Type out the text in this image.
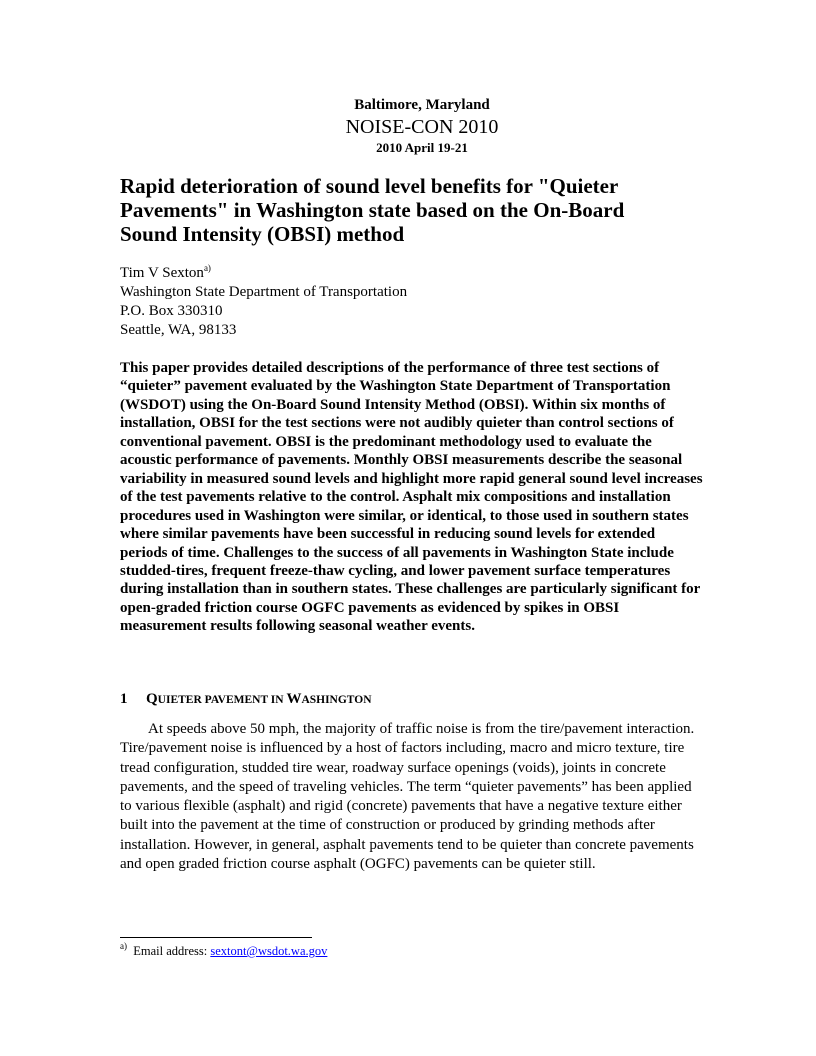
Baltimore, Maryland
NOISE-CON 2010
2010 April 19-21
Rapid deterioration of sound level benefits for "Quieter Pavements" in Washington state based on the On-Board Sound Intensity (OBSI) method
Tim V Sexton$^{a)}$
Washington State Department of Transportation
P.O. Box 330310
Seattle, WA, 98133

This paper provides detailed descriptions of the performance of three test sections of “quieter” pavement evaluated by the Washington State Department of Transportation (WSDOT) using the On-Board Sound Intensity Method (OBSI). Within six months of installation, OBSI for the test sections were not audibly quieter than control sections of conventional pavement. OBSI is the predominant methodology used to evaluate the acoustic performance of pavements. Monthly OBSI measurements describe the seasonal variability in measured sound levels and highlight more rapid general sound level increases of the test pavements relative to the control. Asphalt mix compositions and installation procedures used in Washington were similar, or identical, to those used in southern states where similar pavements have been successful in reducing sound levels for extended periods of time. Challenges to the success of all pavements in Washington State include studded-tires, frequent freeze-thaw cycling, and lower pavement surface temperatures during installation than in southern states. These challenges are particularly significant for open-graded friction course OGFC pavements as evidenced by spikes in OBSI measurement results following seasonal weather events.

1 QUIETER PAVEMENT IN WASHINGTON

At speeds above 50 mph, the majority of traffic noise is from the tire/pavement interaction. Tire/pavement noise is influenced by a host of factors including, macro and micro texture, tire tread configuration, studded tire wear, roadway surface openings (voids), joints in concrete pavements, and the speed of traveling vehicles. The term “quieter pavements” has been applied to various flexible (asphalt) and rigid (concrete) pavements that have a negative texture either built into the pavement at the time of construction or produced by grinding methods after installation. However, in general, asphalt pavements tend to be quieter than concrete pavements and open graded friction course asphalt (OGFC) pavements can be quieter still.

$^{a)}$ Email address: sextont@wsdot.wa.gov
